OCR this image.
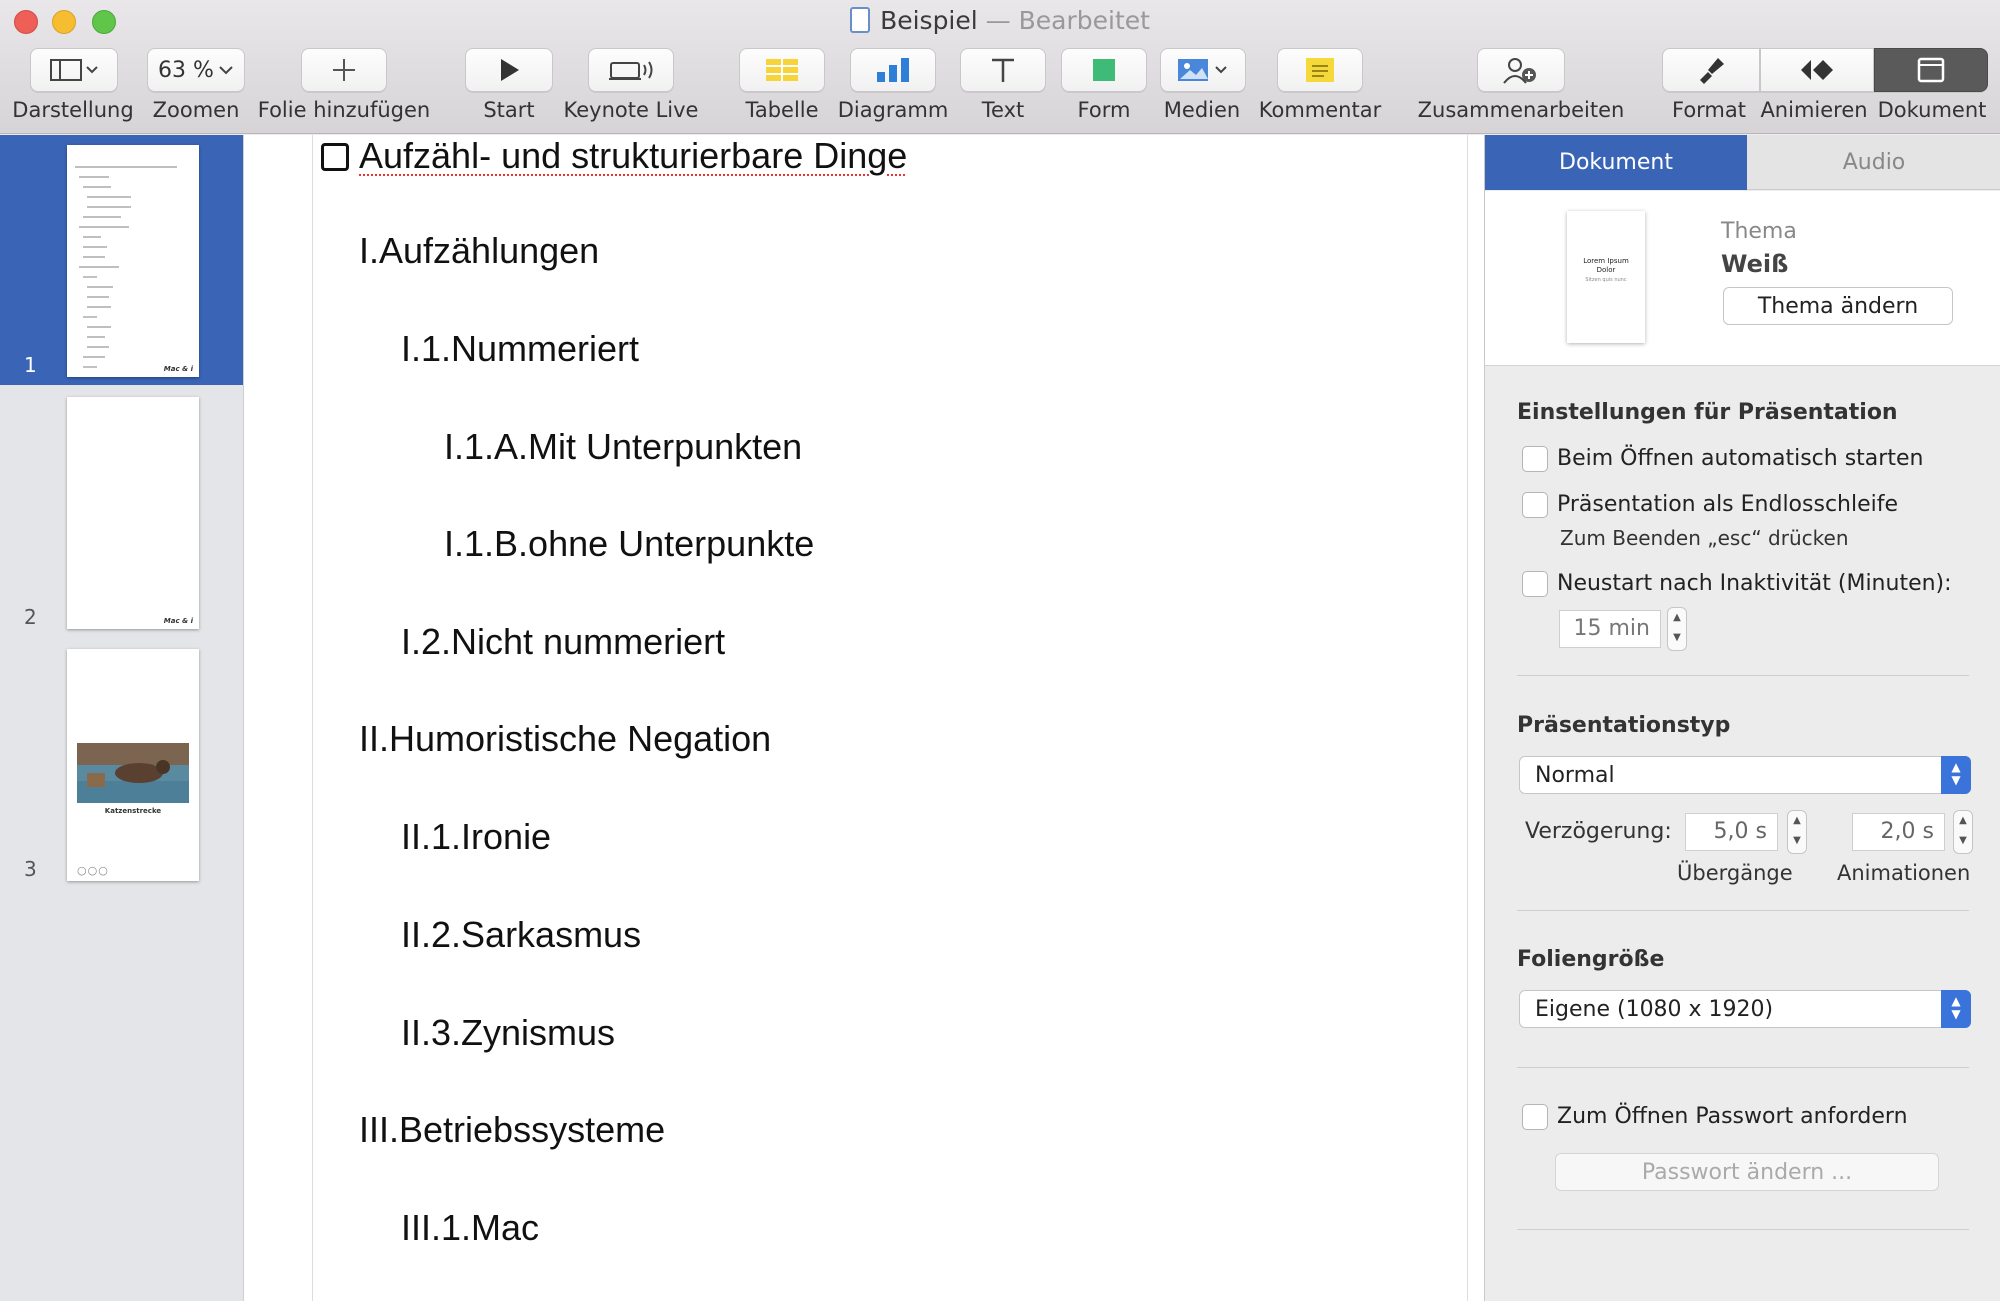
Beispiel — Bearbeitet
Darstellung
63 %
Zoomen Folie hinzufügen	Start Keynote Live Tabelle Diagramm Text	Form Medien Kommentar Zusammenarbeiten Format Animieren Dokument
Mac & i
1
Mac & i
2
Katzenstrecke
○○○
3
Aufzähl- und strukturierbare Dinge
I.Aufzählungen
I.1.Nummeriert
I.1.A.Mit Unterpunkten
I.1.B.ohne Unterpunkte
I.2.Nicht nummeriert
II.Humoristische Negation
II.1.Ironie
II.2.Sarkasmus
II.3.Zynismus
III.Betriebssysteme
III.1.Mac
Dokument	Audio
Lorem Ipsum Dolor
Sitzen quis nunc
Thema
Weiß
Thema ändern
Einstellungen für Präsentation
Beim Öffnen automatisch starten
Präsentation als Endlosschleife
Zum Beenden „esc“ drücken
Neustart nach Inaktivität (Minuten):
15 min	▲
▼
Präsentationstyp
Normal	▲
▼
Verzögerung:	5,0 s	▲
▼	2,0 s	▲
▼
Übergänge Animationen
Foliengröße
Eigene (1080 x 1920)	▲
▼
Zum Öffnen Passwort anfordern
Passwort ändern ...
